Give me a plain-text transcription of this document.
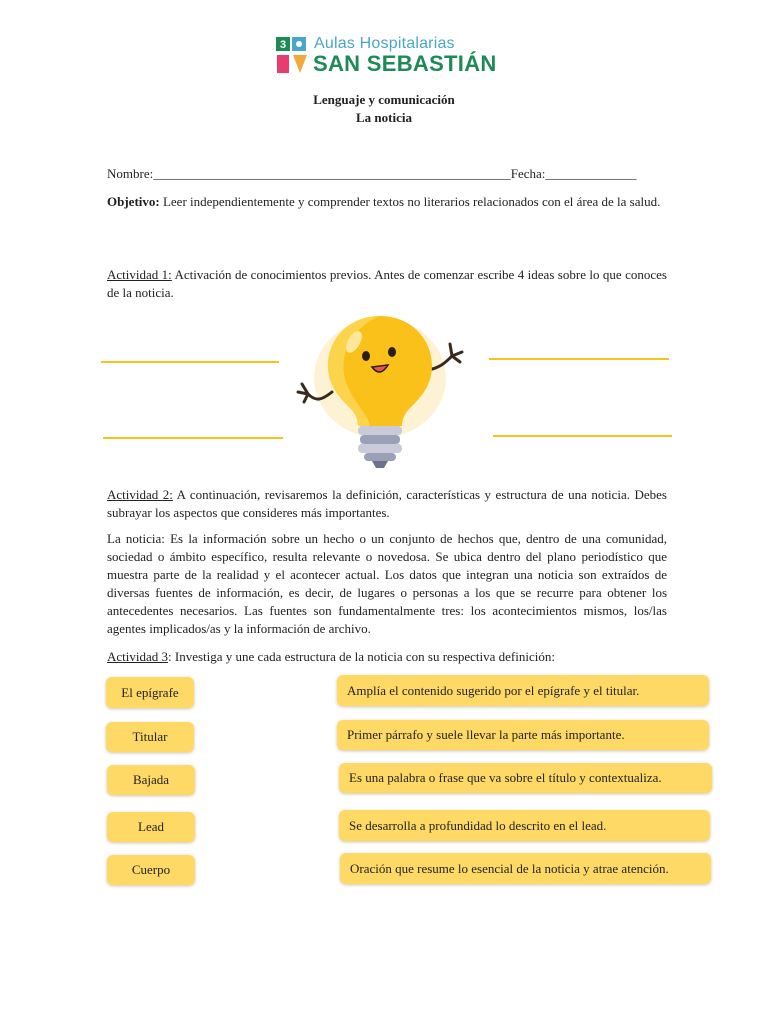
3 Aulas Hospitalarias
SAN SEBASTIÁN
Lenguaje y comunicación
La noticia
Nombre:_______________________________________________________Fecha:______________
Objetivo: Leer independientemente y comprender textos no literarios relacionados con el área de la salud.
Actividad 1: Activación de conocimientos previos. Antes de comenzar escribe 4 ideas sobre lo que conoces de la noticia.
Actividad 2: A continuación, revisaremos la definición, características y estructura de una noticia. Debes subrayar los aspectos que consideres más importantes.
La noticia: Es la información sobre un hecho o un conjunto de hechos que, dentro de una comunidad, sociedad o ámbito específico, resulta relevante o novedosa. Se ubica dentro del plano periodístico que muestra parte de la realidad y el acontecer actual. Los datos que integran una noticia son extraídos de diversas fuentes de información, es decir, de lugares o personas a los que se recurre para obtener los antecedentes necesarios. Las fuentes son fundamentalmente tres: los acontecimientos mismos, los/las agentes implicados/as y la información de archivo.
Actividad 3: Investiga y une cada estructura de la noticia con su respectiva definición:
El epígrafe
Titular
Bajada
Lead
Cuerpo
Amplía el contenido sugerido por el epígrafe y el titular.
Primer párrafo y suele llevar la parte más importante.
Es una palabra o frase que va sobre el título y contextualiza.
Se desarrolla a profundidad lo descrito en el lead.
Oración que resume lo esencial de la noticia y atrae atención.
